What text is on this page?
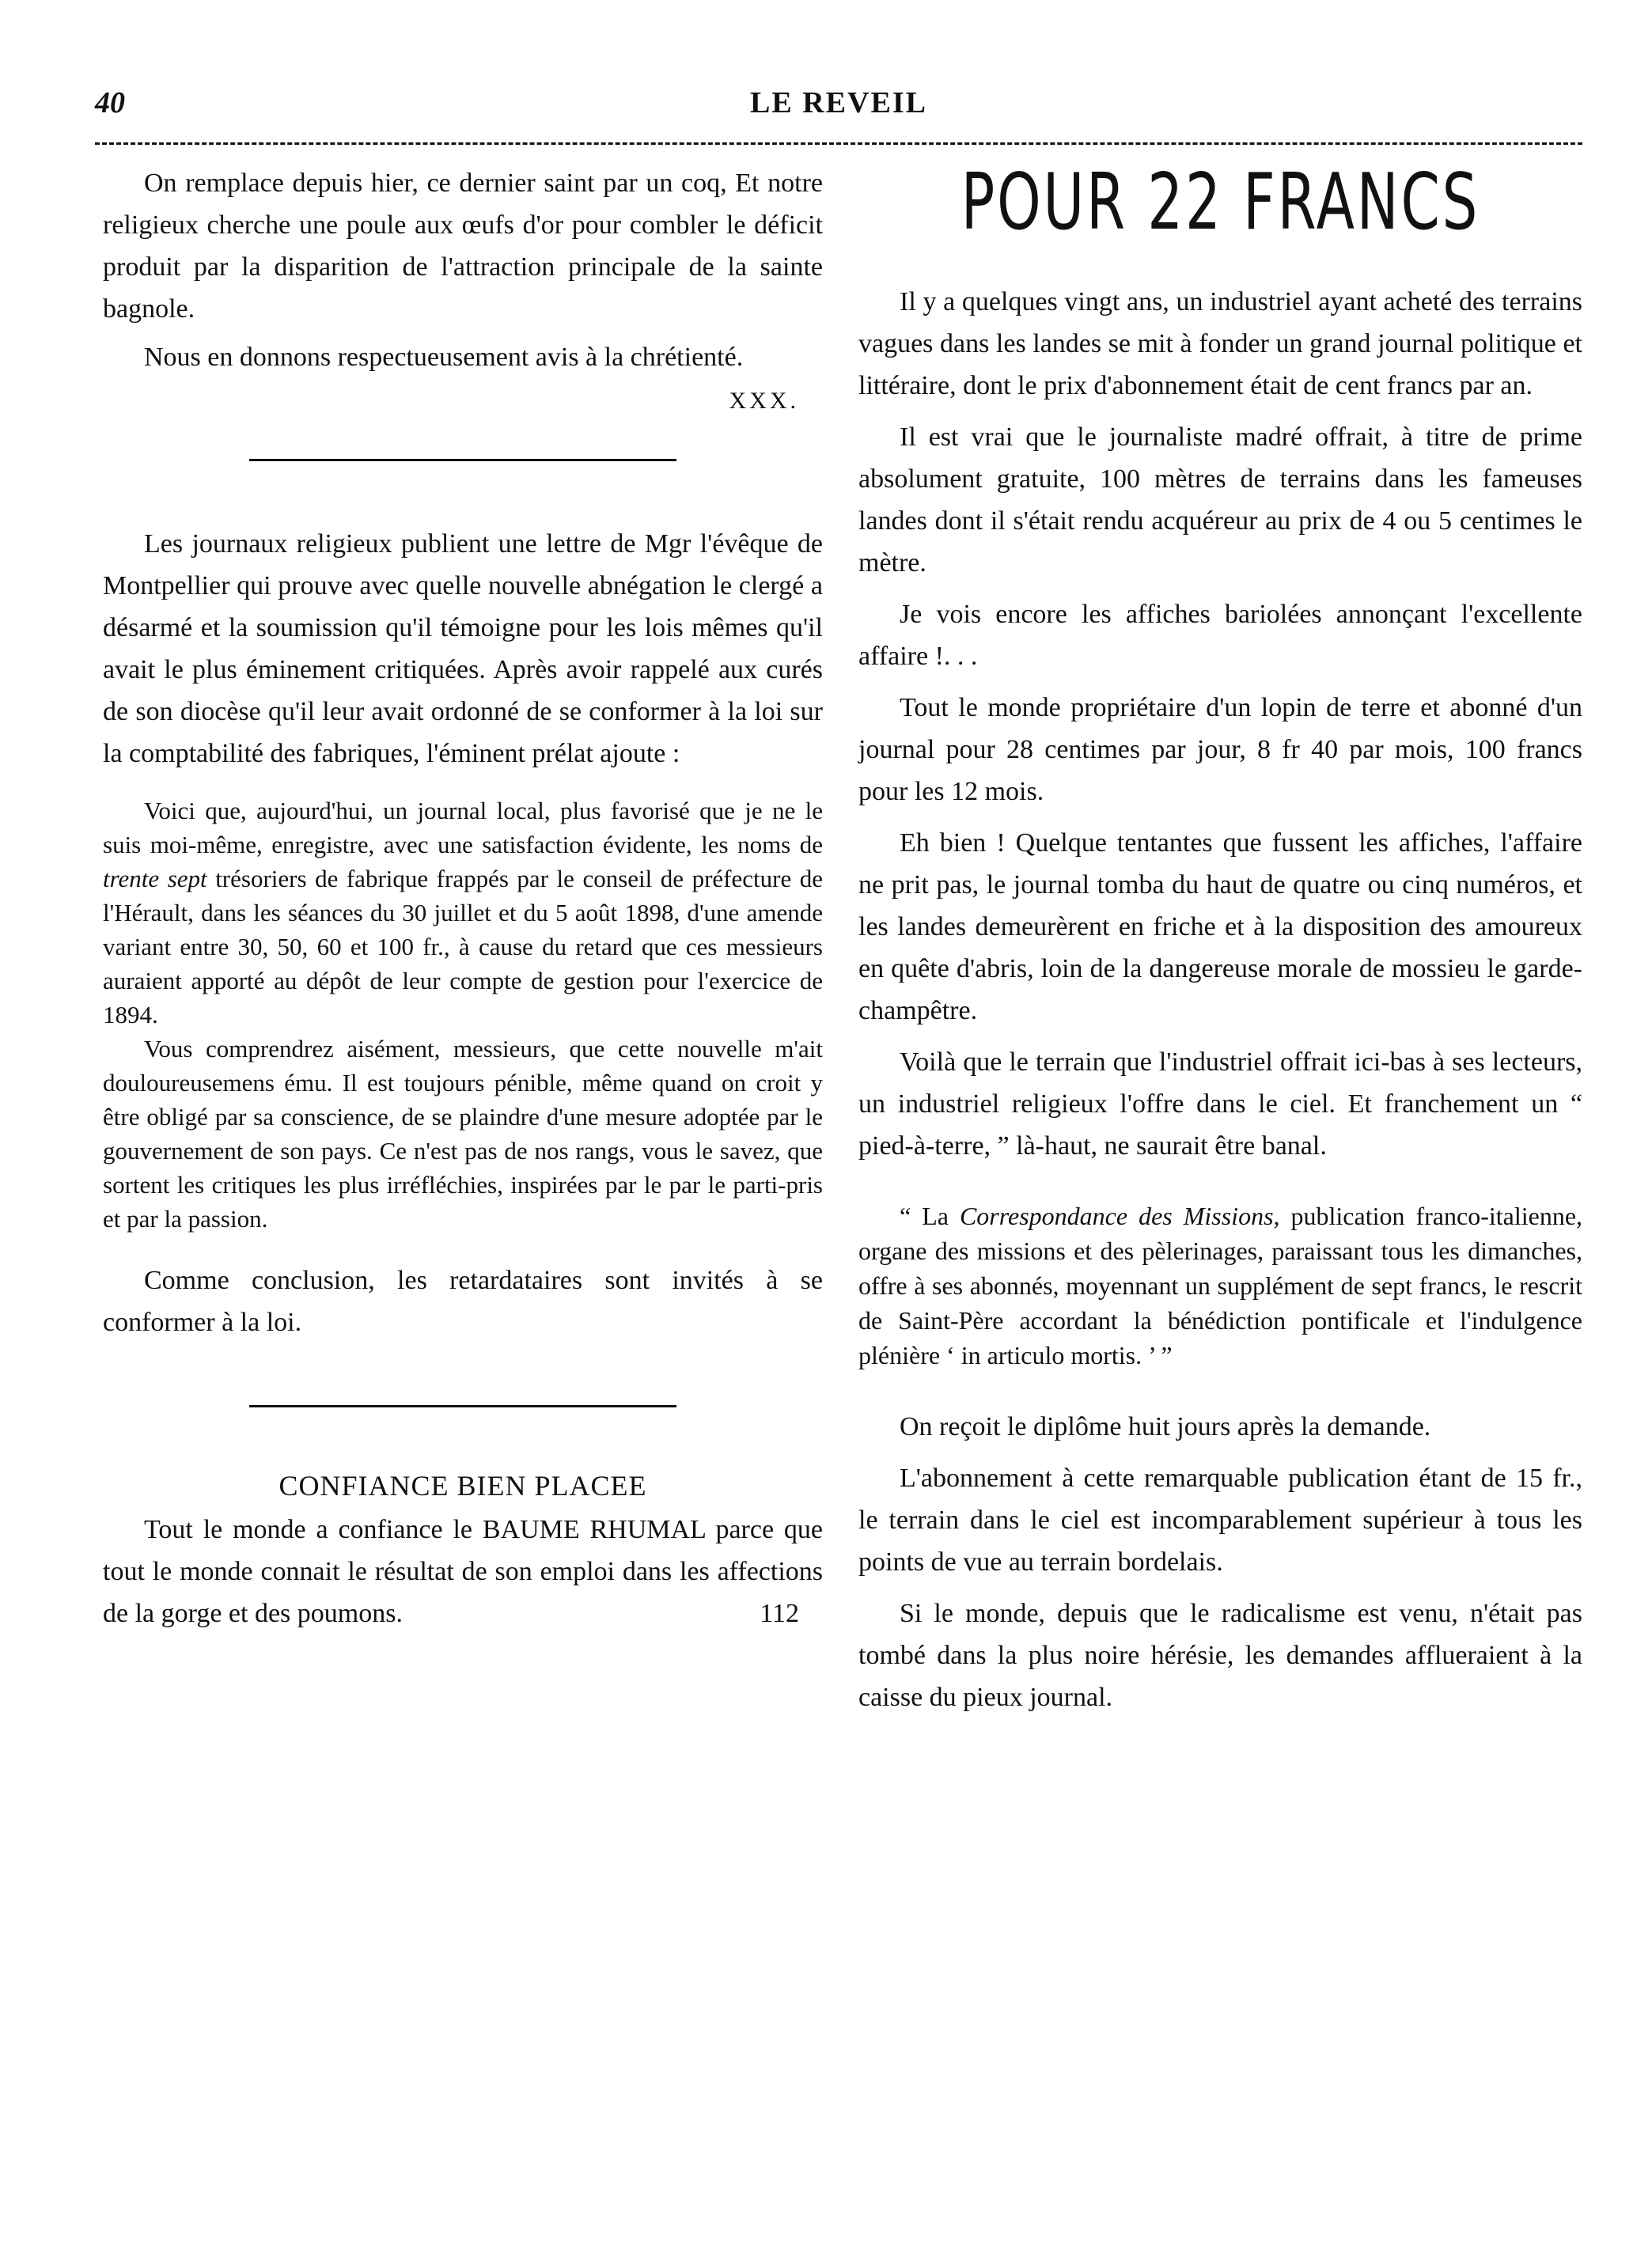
40	LE REVEIL

On remplace depuis hier, ce dernier saint par un coq, Et notre religieux cherche une poule aux œufs d'or pour combler le déficit produit par la disparition de l'attraction principale de la sainte bagnole.

Nous en donnons respectueusement avis à la chrétienté.

XXX.

Les journaux religieux publient une lettre de Mgr l'évêque de Montpellier qui prouve avec quelle nouvelle abnégation le clergé a désarmé et la soumission qu'il témoigne pour les lois mêmes qu'il avait le plus éminement critiquées. Après avoir rappelé aux curés de son diocèse qu'il leur avait ordonné de se conformer à la loi sur la comptabilité des fabriques, l'éminent prélat ajoute :

Voici que, aujourd'hui, un journal local, plus favorisé que je ne le suis moi-même, enregistre, avec une satisfaction évidente, les noms de trente sept trésoriers de fabrique frappés par le conseil de préfecture de l'Hérault, dans les séances du 30 juillet et du 5 août 1898, d'une amende variant entre 30, 50, 60 et 100 fr., à cause du retard que ces messieurs auraient apporté au dépôt de leur compte de gestion pour l'exercice de 1894.

Vous comprendrez aisément, messieurs, que cette nouvelle m'ait douloureusemens ému. Il est toujours pénible, même quand on croit y être obligé par sa conscience, de se plaindre d'une mesure adoptée par le gouvernement de son pays. Ce n'est pas de nos rangs, vous le savez, que sortent les critiques les plus irréfléchies, inspirées par le par le parti-pris et par la passion.

Comme conclusion, les retardataires sont invités à se conformer à la loi.

CONFIANCE BIEN PLACEE

Tout le monde a confiance le BAUME RHUMAL parce que tout le monde connait le résultat de son emploi dans les affections de la gorge et des poumons.	112

POUR 22 FRANCS

Il y a quelques vingt ans, un industriel ayant acheté des terrains vagues dans les landes se mit à fonder un grand journal politique et littéraire, dont le prix d'abonnement était de cent francs par an.

Il est vrai que le journaliste madré offrait, à titre de prime absolument gratuite, 100 mètres de terrains dans les fameuses landes dont il s'était rendu acquéreur au prix de 4 ou 5 centimes le mètre.

Je vois encore les affiches bariolées annonçant l'excellente affaire !. . .

Tout le monde propriétaire d'un lopin de terre et abonné d'un journal pour 28 centimes par jour, 8 fr 40 par mois, 100 francs pour les 12 mois.

Eh bien ! Quelque tentantes que fussent les affiches, l'affaire ne prit pas, le journal tomba du haut de quatre ou cinq numéros, et les landes demeurèrent en friche et à la disposition des amoureux en quête d'abris, loin de la dangereuse morale de mossieu le garde-champêtre.

Voilà que le terrain que l'industriel offrait ici-bas à ses lecteurs, un industriel religieux l'offre dans le ciel. Et franchement un “ pied-à-terre, ” là-haut, ne saurait être banal.

“ La Correspondance des Missions, publication franco-italienne, organe des missions et des pèlerinages, paraissant tous les dimanches, offre à ses abonnés, moyennant un supplément de sept francs, le rescrit de Saint-Père accordant la bénédiction pontificale et l'indulgence plénière ‘ in articulo mortis. ’ ”

On reçoit le diplôme huit jours après la demande.

L'abonnement à cette remarquable publication étant de 15 fr., le terrain dans le ciel est incomparablement supérieur à tous les points de vue au terrain bordelais.

Si le monde, depuis que le radicalisme est venu, n'était pas tombé dans la plus noire hérésie, les demandes afflueraient à la caisse du pieux journal.
